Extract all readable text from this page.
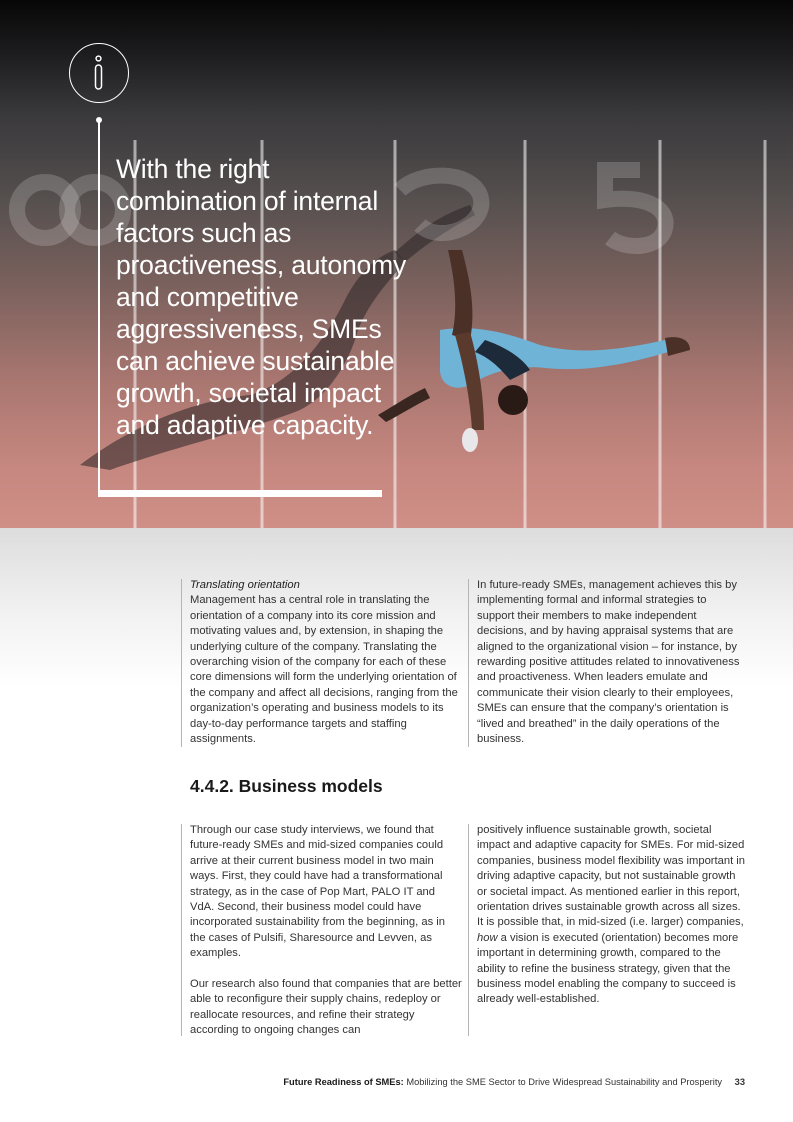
With the right combination of internal factors such as proactiveness, autonomy and competitive aggressiveness, SMEs can achieve sustainable growth, societal impact and adaptive capacity.

Translating orientation

Management has a central role in translating the orientation of a company into its core mission and motivating values and, by extension, in shaping the underlying culture of the company. Translating the overarching vision of the company for each of these core dimensions will form the underlying orientation of the company and affect all decisions, ranging from the organization’s operating and business models to its day-to-day performance targets and staffing assignments.

In future-ready SMEs, management achieves this by implementing formal and informal strategies to support their members to make independent decisions, and by having appraisal systems that are aligned to the organizational vision – for instance, by rewarding positive attitudes related to innovativeness and proactiveness. When leaders emulate and communicate their vision clearly to their employees, SMEs can ensure that the company’s orientation is “lived and breathed” in the daily operations of the business.

4.4.2. Business models

Through our case study interviews, we found that future-ready SMEs and mid-sized companies could arrive at their current business model in two main ways. First, they could have had a transformational strategy, as in the case of Pop Mart, PALO IT and VdA. Second, their business model could have incorporated sustainability from the beginning, as in the cases of Pulsifi, Sharesource and Levven, as examples.

Our research also found that companies that are better able to reconfigure their supply chains, redeploy or reallocate resources, and refine their strategy according to ongoing changes can

positively influence sustainable growth, societal impact and adaptive capacity for SMEs. For mid-sized companies, business model flexibility was important in driving adaptive capacity, but not sustainable growth or societal impact. As mentioned earlier in this report, orientation drives sustainable growth across all sizes. It is possible that, in mid-sized (i.e. larger) companies, how a vision is executed (orientation) becomes more important in determining growth, compared to the ability to refine the business strategy, given that the business model enabling the company to succeed is already well-established.

Future Readiness of SMEs: Mobilizing the SME Sector to Drive Widespread Sustainability and Prosperity 33
